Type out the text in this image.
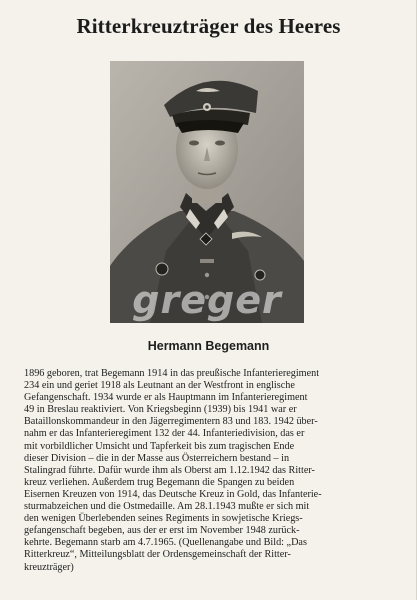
Ritterkreuzträger des Heeres
greger
Hermann Begemann
1896 geboren, trat Begemann 1914 in das preußische Infanterieregiment
234 ein und geriet 1918 als Leutnant an der Westfront in englische
Gefangenschaft. 1934 wurde er als Hauptmann im Infanterieregiment
49 in Breslau reaktiviert. Von Kriegsbeginn (1939) bis 1941 war er
Bataillonskommandeur in den Jägerregimentern 83 und 183. 1942 über-
nahm er das Infanterieregiment 132 der 44. Infanteriedivision, das er
mit vorbildlicher Umsicht und Tapferkeit bis zum tragischen Ende
dieser Division – die in der Masse aus Österreichern bestand – in
Stalingrad führte. Dafür wurde ihm als Oberst am 1.12.1942 das Ritter-
kreuz verliehen. Außerdem trug Begemann die Spangen zu beiden
Eisernen Kreuzen von 1914, das Deutsche Kreuz in Gold, das Infanterie-
sturmabzeichen und die Ostmedaille. Am 28.1.1943 mußte er sich mit
den wenigen Überlebenden seines Regiments in sowjetische Kriegs-
gefangenschaft begeben, aus der er erst im November 1948 zurück-
kehrte. Begemann starb am 4.7.1965. (Quellenangabe und Bild: „Das
Ritterkreuz“, Mitteilungsblatt der Ordensgemeinschaft der Ritter-
kreuzträger)
